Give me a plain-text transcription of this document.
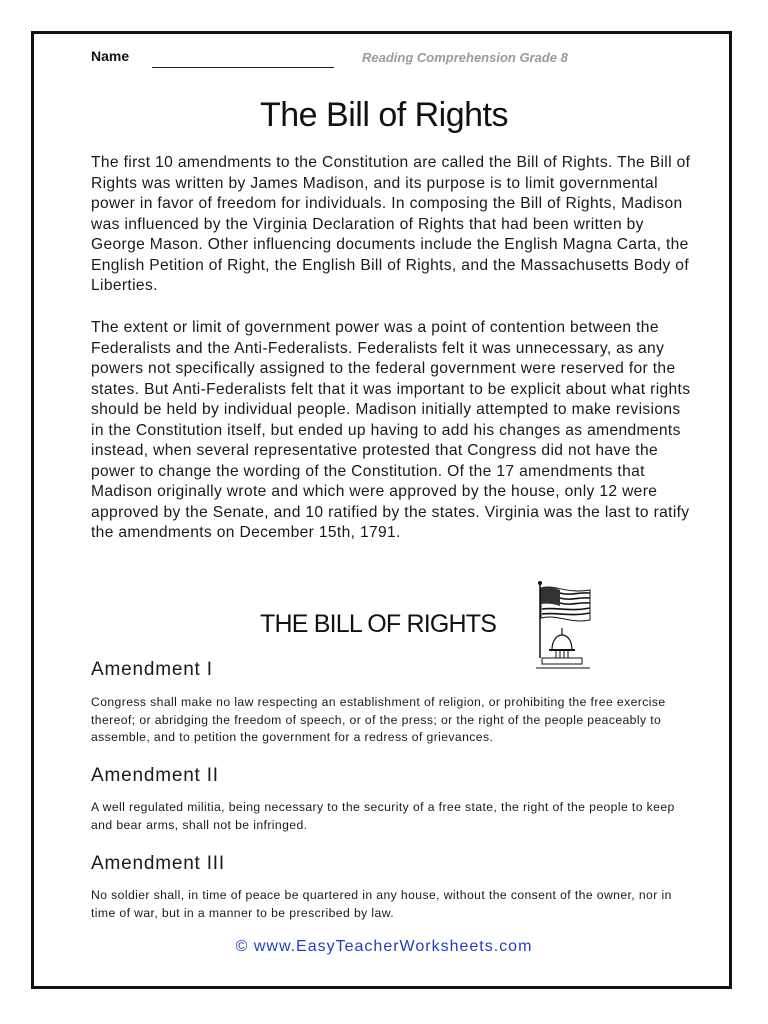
Name	Reading Comprehension Grade 8
The Bill of Rights

The first 10 amendments to the Constitution are called the Bill of Rights. The Bill of Rights was written by James Madison, and its purpose is to limit governmental power in favor of freedom for individuals. In composing the Bill of Rights, Madison was influenced by the Virginia Declaration of Rights that had been written by George Mason. Other influencing documents include the English Magna Carta, the English Petition of Right, the English Bill of Rights, and the Massachusetts Body of Liberties.

The extent or limit of government power was a point of contention between the Federalists and the Anti-Federalists. Federalists felt it was unnecessary, as any powers not specifically assigned to the federal government were reserved for the states. But Anti-Federalists felt that it was important to be explicit about what rights should be held by individual people. Madison initially attempted to make revisions in the Constitution itself, but ended up having to add his changes as amendments instead, when several representative protested that Congress did not have the power to change the wording of the Constitution. Of the 17 amendments that Madison originally wrote and which were approved by the house, only 12 were approved by the Senate, and 10 ratified by the states. Virginia was the last to ratify the amendments on December 15th, 1791.

THE BILL OF RIGHTS
Amendment I

Congress shall make no law respecting an establishment of religion, or prohibiting the free exercise thereof; or abridging the freedom of speech, or of the press; or the right of the people peaceably to assemble, and to petition the government for a redress of grievances.

Amendment II

A well regulated militia, being necessary to the security of a free state, the right of the people to keep and bear arms, shall not be infringed.

Amendment III

No soldier shall, in time of peace be quartered in any house, without the consent of the owner, nor in time of war, but in a manner to be prescribed by law.

© www.EasyTeacherWorksheets.com
